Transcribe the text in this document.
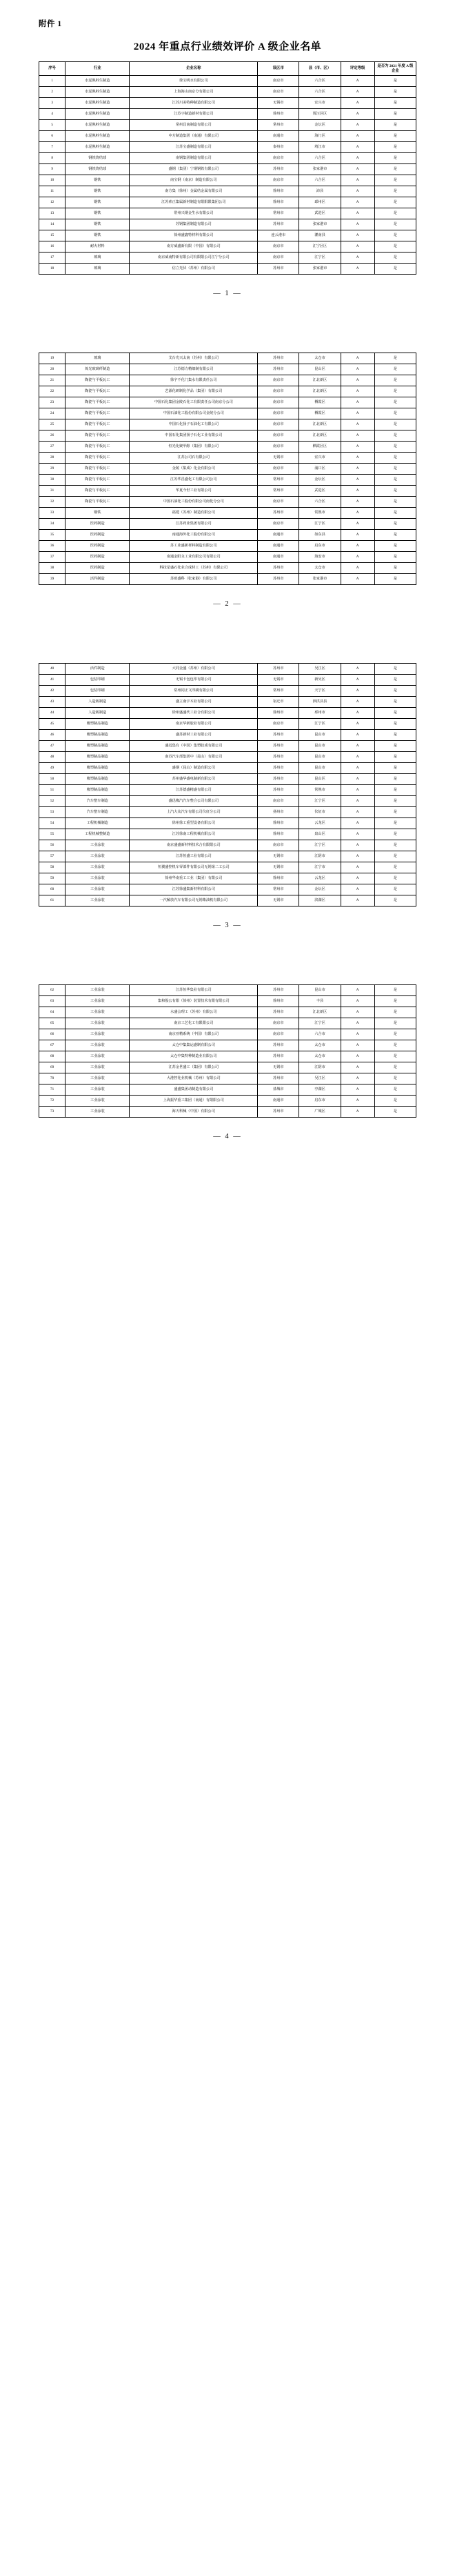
附件 1
2024 年重点行业绩效评价 A 级企业名单
序号	行业	企业名称	设区市	县（市、区）	评定等级	是否为 2021 年度 A 级企业
1	水泥熟料生制造	徐宝明水有限公司	南京市	六合区	A	是
2	水泥熟料生制造	上海海山南京分有限公司	南京市	六合区	A	是
3	水泥熟料生制造	江苏川美特种制造有限公司	无锡市	宜兴市	A	是
4	水泥熟料生制造	江苏宇制造新材有限公司	徐州市	贾汪区区	A	是
5	水泥熟料生制造	常州昌南制造有限公司	常州市	金坛区	A	是
6	水泥熟料生制造	中方制造集团（南通）有限公司	南通市	海门区	A	是
7	水泥熟料生制造	江苏宝盛制造有限公司	泰州市	靖江市	A	是
8	钢铁烧结球	南钢集团制造有限公司	南京市	六合区	A	是
9	钢铁烧结球	盛钢（集团）宁钢钢铁有限公司	苏州市	张家港市	A	是
10	钢铁	南宝钢（南京）制造有限公司	南京市	六合区	A	是
11	钢铁	南方集（徐州）金属结金属有限公司	徐州市	沛县	A	是
12	钢铁	江苏索正集属新材制造有限限限集团公司	徐州市	邳州区	A	是
13	钢铁	常州兴钢金生水有限公司	常州市	武进区	A	是
14	钢铁	苏钢集团制造有限公司	苏州市	张家港市	A	是
15	钢铁	徐州盛鑫特材科有限公司	连云港市	灌南县	A	是
16	耐火材料	南方威盛新有限（中国）有限公司	南京市	江宁区区	A	是
17	玻璃	南京威南特新有限公司有限限公司江宁分公司	南京市	江宁区	A	是
18	玻璃	信立光伏（苏州）有限公司	苏州市	张家港市	A	是
— 1 —
19	玻璃	艾台光兴太南（苏州）有限公司	苏州市	太仓市	A	是
20	炼光玻璃纤制造	江苏德力精细制有限公司	苏州市	昆山区	A	是
21	陶瓷与平板瓦工	徐宇不化门集水有限责任公司	南京市	江北新区	A	是
22	陶瓷与平板瓦工	艺源化研制化学品（集团）有限公司	南京市	江北新区	A	是
23	陶瓷与平板瓦工	中国石化集团金陵石化工有限责任公司南京分公司	南京市	栖霞区	A	是
24	陶瓷与平板瓦工	中国石油化工股份有限公司金陵分公司	南京市	栖霞区	A	是
25	陶瓷与平板瓦工	中国石化扬子石油化工有限公司	南京市	江北新区	A	是
26	陶瓷与平板瓦工	中国石化集团扬子石化工业有限公司	南京市	江北新区	A	是
27	陶瓷与平板瓦工	恒光化聚甲醇（集团）有限公司	南京市	栖霞区区	A	是
28	陶瓷与平板瓦工	江苏公司石有限公司	无锡市	宜兴市	A	是
29	陶瓷与平板瓦工	金陵（集成）化金有限公司	南京市	浦口区	A	是
30	陶瓷与平板瓦工	江苏华昌盛化工有限公司公司	常州市	金坛区	A	是
31	陶瓷与平板瓦工	华夏今世工业有限公司	常州市	武进区	A	是
32	陶瓷与平板瓦工	中国石油化工股份有限公司南化分公司	南京市	六合区	A	是
33	钢铁	福建（苏州）制造有限公司	苏州市	常熟市	A	是
34	医药制造	江苏药业集团有限公司	南京市	江宁区	A	是
35	医药制造	南通海外化工股份有限公司	南通市	如东县	A	是
36	医药制造	苏工业盛新材料制造有限公司	南通市	启东市	A	是
37	医药制造	南通金阳永工业有限公司有限公司	南通市	海安市	A	是
38	医药制造	科技星盛石化业合成材工（苏州）有限公司	苏州市	太仓市	A	是
39	活件制造	苏欧盛科（张家港）有限公司	苏州市	张家港市	A	是
— 2 —
40	活件制造	大同金盛（苏州）有限公司	苏州市	吴江区	A	是
41	包装印刷	无锡卡包包印有限公司	无锡市	新吴区	A	是
42	包装印刷	常州同正文印刷有限公司	常州市	天宁区	A	是
43	人造板制造	盛立南宇木业有限公司	宿迁市	泗洪县县	A	是
44	人造板制造	徐州盛盛代工业合有限公司	徐州市	邳州市	A	是
45	橡塑制品制造	南京华新胶业有限公司	南京市	江宁区	A	是
46	橡塑制品制造	盛苏新材工业有限公司	苏州市	昆山市	A	是
47	橡塑制品制造	盛远集有（中国）集塑胶成有限公司	苏州市	昆山市	A	是
48	橡塑制品制造	南苏汽车部集团中（昆山）有限公司	苏州市	昆山市	A	是
49	橡塑制品制造	盛钢（昆山）制造有限公司	苏州市	昆山市	A	是
50	橡塑制品制造	苏州盛华盛电制新有限公司	苏州市	昆山区	A	是
51	橡塑制品制造	江苏德盛精盛有限公司	苏州市	常熟市	A	是
52	汽车整车制造	盛迅橡汽汽车整合公司有限公司	南京市	江宁区	A	是
53	汽车整车制造	上汽大众汽车有限公司仪征分公司	扬州市	仪征市	A	是
54	工程机械制造	徐州徐工重型设备有限公司	徐州市	云龙区	A	是
55	工程机械整制造	江苏徐南工程机械有限公司	徐州市	泉山区	A	是
56	工业涂装	南京盛盛新材料技术合有限限公司	南京市	江宁区	A	是
57	工业涂装	江苏恒盛工业有限公司	无锡市	江阴市	A	是
58	工业涂装	恒翼盛控机车零部件有限公司无锡第二工公司	无锡市	江宁市	A	是
59	工业涂装	徐州华南重工工业（集团）有限公司	徐州市	云龙区	A	是
60	工业涂装	江苏徐盛集新材科有限公司	常州市	金坛区	A	是
61	工业涂装	一汽解放汽车有限公司无锡柴油机有限公司	无锡市	滨湖区	A	是
— 3 —
62	工业涂装	江苏恒华集业有限公司	苏州市	昆山市	A	是
63	工业涂装	集和股公有限（徐州）装置技术有限有限公司	徐州市	丰县	A	是
64	工业涂装	水盛会理工（苏州）有限公司	苏州市	江北新区	A	是
65	工业涂装	南京工艺化工有限限公司	南京市	江宁区	A	是
66	工业涂装	南京亚精系统（中国）有限公司	南京市	六合市	A	是
67	工业涂装	太仓中集集运盛制有限公司	苏州市	太仓市	A	是
68	工业涂装	太仓中集特种制造业有限公司	苏州市	太仓市	A	是
69	工业涂装	江苏金世盛工（集团）有限公司	无锡市	江阴市	A	是
70	工业涂装	大港控化业机械（苏州）有限公司	苏州市	吴江区	A	是
71	工业涂装	盛盛集团动制造有限公司	盐城市	亭湖区	A	是
72	工业涂装	上海振华重工集团（南通）有限限公司	南通市	启东市	A	是
73	工业涂装	海天科械（中国）有限公司	苏州市	广城区	A	是
— 4 —
